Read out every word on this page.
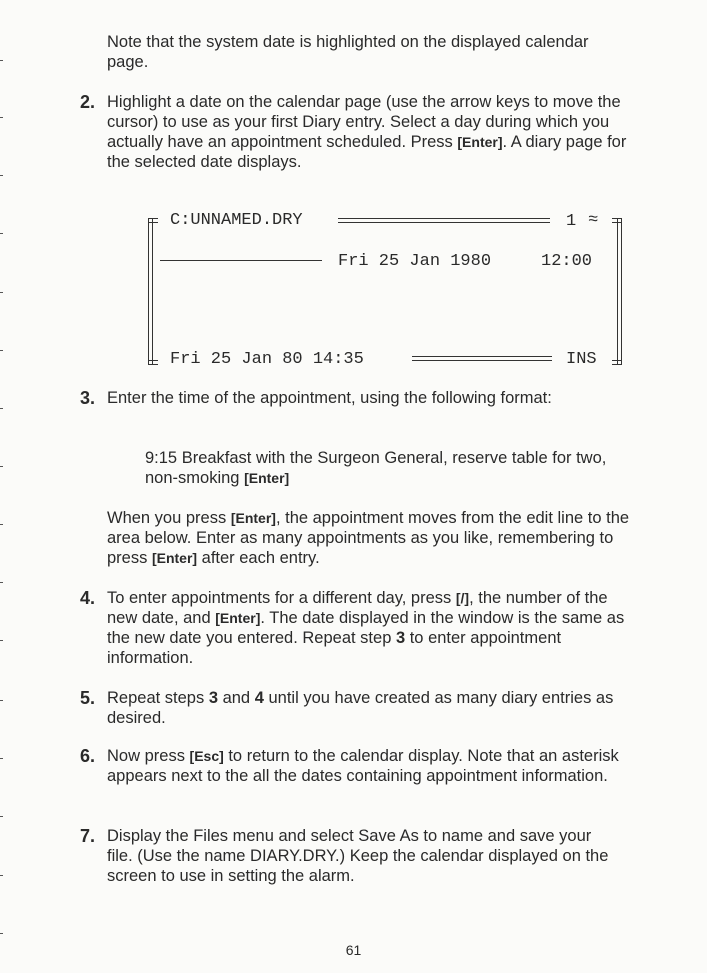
Note that the system date is highlighted on the displayed calendar page.
2. Highlight a date on the calendar page (use the arrow keys to move the cursor) to use as your first Diary entry. Select a day during which you actually have an appointment scheduled. Press [Enter]. A diary page for the selected date displays.
C:UNNAMED.DRY	1 ≈
Fri 25 Jan 1980	12:00
Fri 25 Jan 80 14:35	INS
3. Enter the time of the appointment, using the following format:
9:15 Breakfast with the Surgeon General, reserve table for two, non-smoking [Enter]
When you press [Enter], the appointment moves from the edit line to the area below. Enter as many appointments as you like, remembering to press [Enter] after each entry.
4. To enter appointments for a different day, press [/], the number of the new date, and [Enter]. The date displayed in the window is the same as the new date you entered. Repeat step 3 to enter appointment information.
5. Repeat steps 3 and 4 until you have created as many diary entries as desired.
6. Now press [Esc] to return to the calendar display. Note that an asterisk appears next to the all the dates containing appointment information.
7. Display the Files menu and select Save As to name and save your file. (Use the name DIARY.DRY.) Keep the calendar displayed on the screen to use in setting the alarm.
61
